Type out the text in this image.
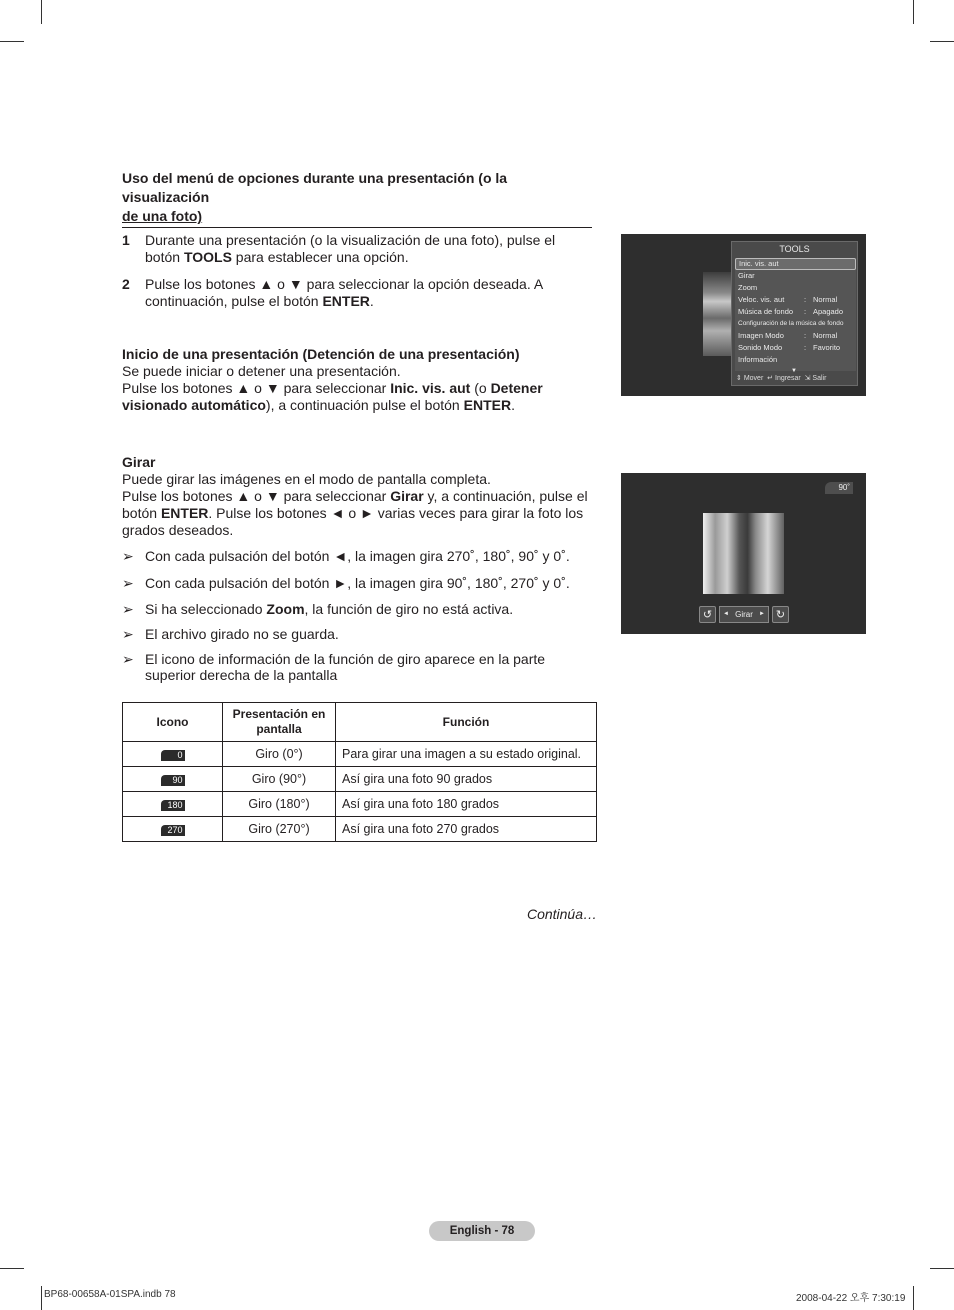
Uso del menú de opciones durante una presentación (o la visualización
de una foto)
1 Durante una presentación (o la visualización de una foto), pulse el botón TOOLS para establecer una opción.
2 Pulse los botones ▲ o ▼ para seleccionar la opción deseada. A continuación, pulse el botón ENTER.
Inicio de una presentación (Detención de una presentación)
Se puede iniciar o detener una presentación.
Pulse los botones ▲ o ▼ para seleccionar Inic. vis. aut (o Detener visionado automático), a continuación pulse el botón ENTER.
Girar
Puede girar las imágenes en el modo de pantalla completa.
Pulse los botones ▲ o ▼ para seleccionar Girar y, a continuación, pulse el botón ENTER. Pulse los botones ◄ o ► varias veces para girar la foto los grados deseados.
➢ Con cada pulsación del botón ◄, la imagen gira 270˚, 180˚, 90˚ y 0˚.
➢ Con cada pulsación del botón ►, la imagen gira 90˚, 180˚, 270˚ y 0˚.
➢ Si ha seleccionado Zoom, la función de giro no está activa.
➢ El archivo girado no se guarda.
➢ El icono de información de la función de giro aparece en la parte superior derecha de la pantalla
Icono	Presentación en pantalla	Función
0	Giro (0°)	Para girar una imagen a su estado original.
90	Giro (90°)	Así gira una foto 90 grados
180	Giro (180°)	Así gira una foto 180 grados
270	Giro (270°)	Así gira una foto 270 grados
Continúa…
TOOLS
Inic. vis. aut
Girar
Zoom
Veloc. vis. aut	: Normal
Música de fondo : Apagado
Configuración de la música de fondo
Imagen Modo	: Normal
Sonido Modo	: Favorito
Información
▼
⇕ Mover ↵ Ingresar ⇲ Salir
90˚
↺	◄ Girar ► ↻
English - 78
BP68-00658A-01SPA.indb 78	2008-04-22 오후 7:30:19
